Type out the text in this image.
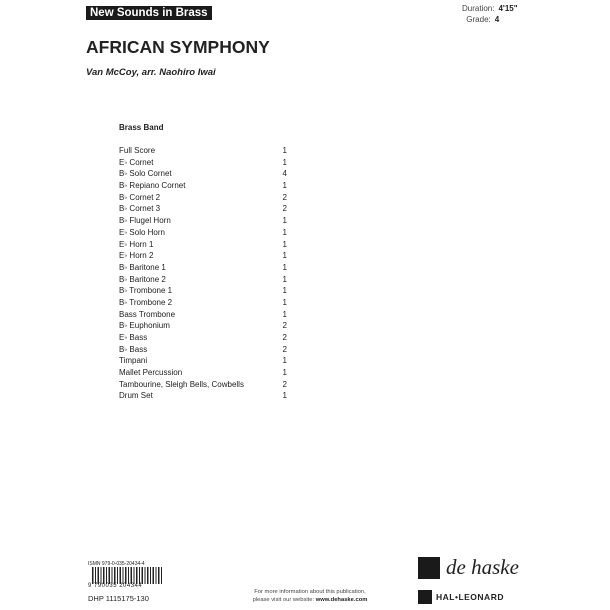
New Sounds in Brass	Duration: 4'15"
Grade: 4
AFRICAN SYMPHONY
Van McCoy, arr. Naohiro Iwai
Brass Band
Full Score	1
E♭ Cornet	1
B♭ Solo Cornet	4
B♭ Repiano Cornet	1
B♭ Cornet 2	2
B♭ Cornet 3	2
B♭ Flugel Horn	1
E♭ Solo Horn	1
E♭ Horn 1	1
E♭ Horn 2	1
B♭ Baritone 1	1
B♭ Baritone 2	1
B♭ Trombone 1	1
B♭ Trombone 2	1
Bass Trombone	1
B♭ Euphonium	2
E♭ Bass	2
B♭ Bass	2
Timpani	1
Mallet Percussion	1
Tambourine, Sleigh Bells, Cowbells	2
Drum Set	1
ISMN 979-0-035-20434-4
9 790035 204344
DHP 1115175-130
For more information about this publication,
please visit our website: www.dehaske.com
de haske
HAL•LEONARD
